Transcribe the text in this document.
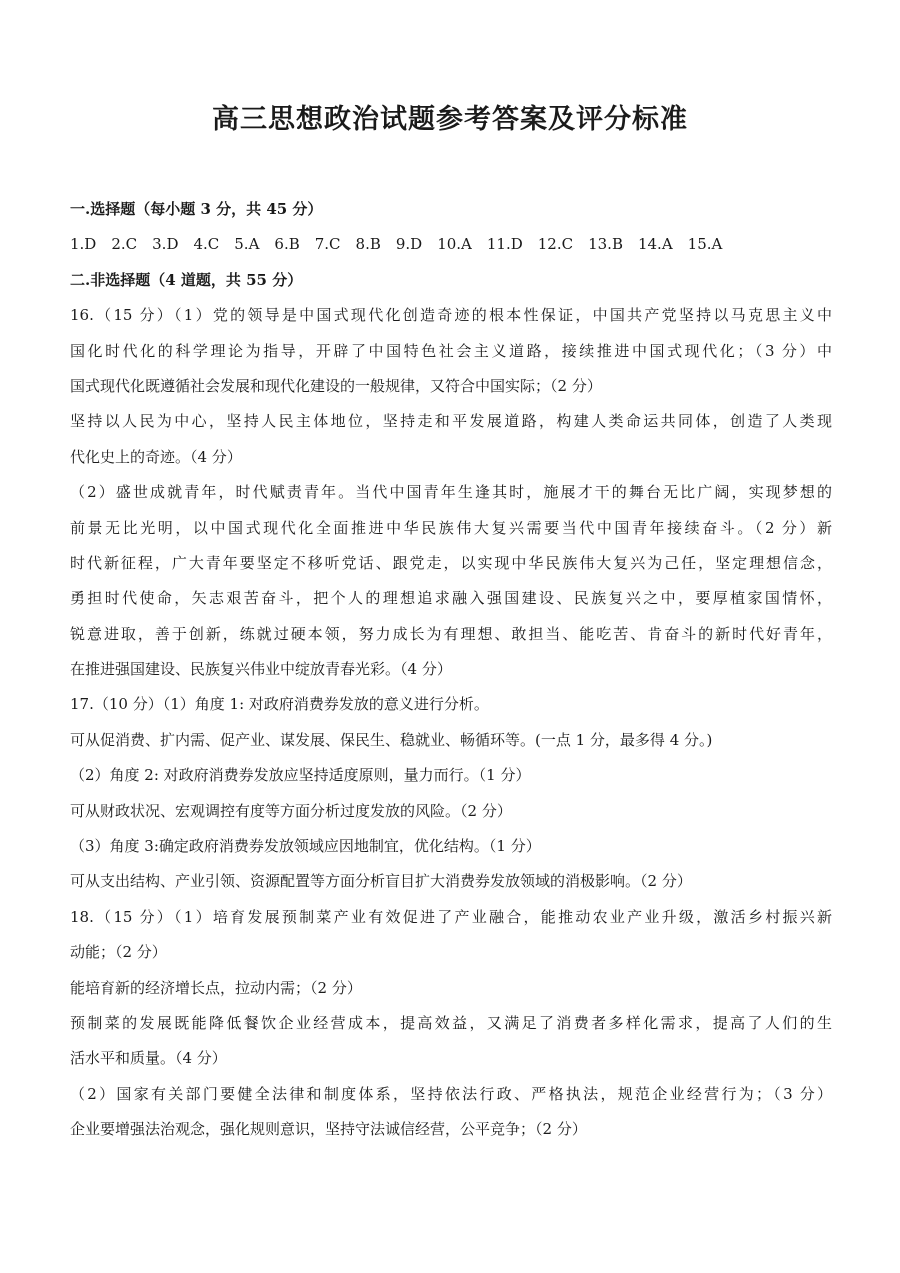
高三思想政治试题参考答案及评分标准
一.选择题（每小题 3 分，共 45 分）
1.D　2.C　3.D　4.C　5.A　6.B　7.C　8.B　9.D　10.A　11.D　12.C　13.B　14.A　15.A
二.非选择题（4 道题，共 55 分）
16.（15 分）（1）党的领导是中国式现代化创造奇迹的根本性保证，中国共产党坚持以马克思主义中
国化时代化的科学理论为指导，开辟了中国特色社会主义道路，接续推进中国式现代化；（3 分）中
国式现代化既遵循社会发展和现代化建设的一般规律，又符合中国实际；（2 分）
坚持以人民为中心，坚持人民主体地位，坚持走和平发展道路，构建人类命运共同体，创造了人类现
代化史上的奇迹。（4 分）
（2）盛世成就青年，时代赋责青年。当代中国青年生逢其时，施展才干的舞台无比广阔，实现梦想的
前景无比光明，以中国式现代化全面推进中华民族伟大复兴需要当代中国青年接续奋斗。（2 分）新
时代新征程，广大青年要坚定不移听党话、跟党走，以实现中华民族伟大复兴为己任，坚定理想信念，
勇担时代使命，矢志艰苦奋斗，把个人的理想追求融入强国建设、民族复兴之中，要厚植家国情怀，
锐意进取，善于创新，练就过硬本领，努力成长为有理想、敢担当、能吃苦、肯奋斗的新时代好青年，
在推进强国建设、民族复兴伟业中绽放青春光彩。（4 分）
17.（10 分）（1）角度 1: 对政府消费券发放的意义进行分析。
可从促消费、扩内需、促产业、谋发展、保民生、稳就业、畅循环等。(一点 1 分，最多得 4 分。)
（2）角度 2: 对政府消费券发放应坚持适度原则，量力而行。（1 分）
可从财政状况、宏观调控有度等方面分析过度发放的风险。（2 分）
（3）角度 3:确定政府消费券发放领域应因地制宜，优化结构。（1 分）
可从支出结构、产业引领、资源配置等方面分析盲目扩大消费券发放领域的消极影响。（2 分）
18.（15 分）（1）培育发展预制菜产业有效促进了产业融合，能推动农业产业升级，激活乡村振兴新
动能；（2 分）
能培育新的经济增长点，拉动内需；（2 分）
预制菜的发展既能降低餐饮企业经营成本，提高效益，又满足了消费者多样化需求，提高了人们的生
活水平和质量。（4 分）
（2）国家有关部门要健全法律和制度体系，坚持依法行政、严格执法，规范企业经营行为；（3 分）
企业要增强法治观念，强化规则意识，坚持守法诚信经营，公平竞争；（2 分）
